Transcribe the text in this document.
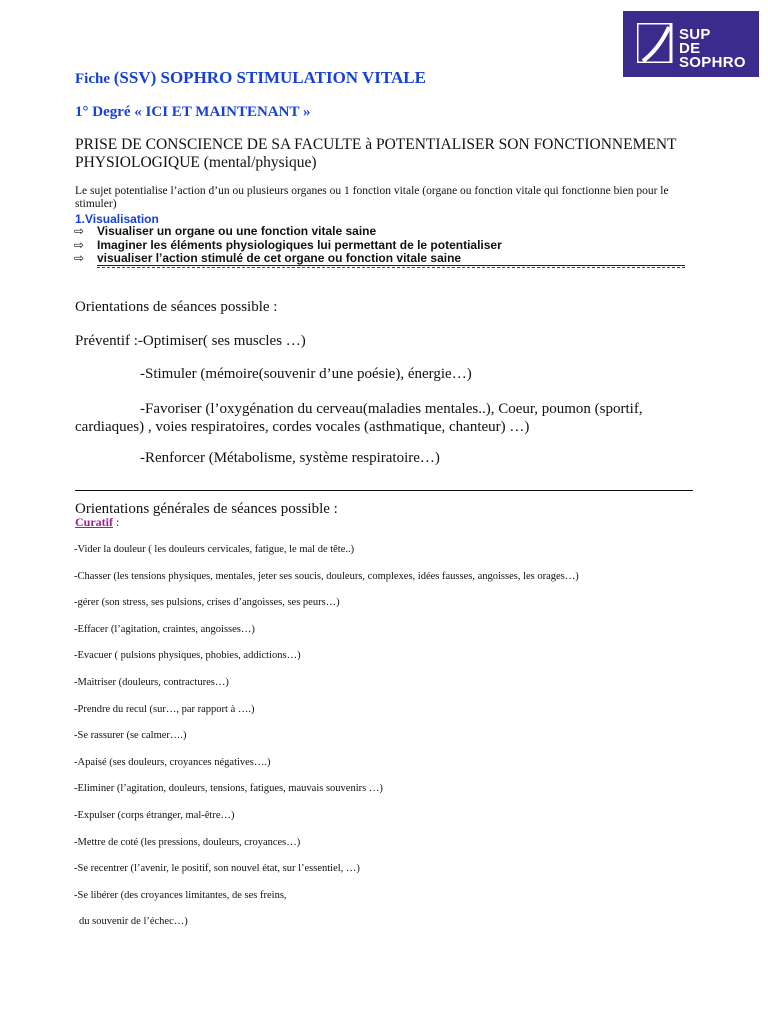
SUP
DE
SOPHRO
Fiche (SSV) SOPHRO STIMULATION VITALE
1° Degré « ICI ET MAINTENANT »
PRISE DE CONSCIENCE DE SA FACULTE à POTENTIALISER SON FONCTIONNEMENT PHYSIOLOGIQUE (mental/physique)
Le sujet potentialise l’action d’un ou plusieurs organes ou 1 fonction vitale (organe ou fonction vitale qui fonctionne bien pour le stimuler)
1.Visualisation
⇨ Visualiser un organe ou une fonction vitale saine
⇨ Imaginer les éléments physiologiques lui permettant de le potentialiser
⇨ visualiser l’action stimulé de cet organe ou fonction vitale saine
Orientations de séances possible :
Préventif :-Optimiser( ses muscles …)
-Stimuler (mémoire(souvenir d’une poésie), énergie…)
-Favoriser (l’oxygénation du cerveau(maladies mentales..), Coeur, poumon (sportif, cardiaques) , voies respiratoires, cordes vocales (asthmatique, chanteur) …)
-Renforcer (Métabolisme, système respiratoire…)
Orientations générales de séances possible :
Curatif :
-Vider la douleur ( les douleurs cervicales, fatigue, le mal de tête..)
-Chasser (les tensions physiques, mentales, jeter ses soucis, douleurs, complexes, idées fausses, angoisses, les orages…)
-gérer (son stress, ses pulsions, crises d’angoisses, ses peurs…)
-Effacer (l’agitation, craintes, angoisses…)
-Evacuer ( pulsions physiques, phobies, addictions…)
-Maitriser (douleurs, contractures…)
-Prendre du recul (sur…, par rapport à ….)
-Se rassurer (se calmer….)
-Apaisé (ses douleurs, croyances négatives….)
-Eliminer (l’agitation, douleurs, tensions, fatigues, mauvais souvenirs …)
-Expulser (corps étranger, mal-être…)
-Mettre de coté (les pressions, douleurs, croyances…)
-Se recentrer (l’avenir, le positif, son nouvel état, sur l’essentiel, …)
-Se libérer (des croyances limitantes, de ses freins,
du souvenir de l’échec…)
